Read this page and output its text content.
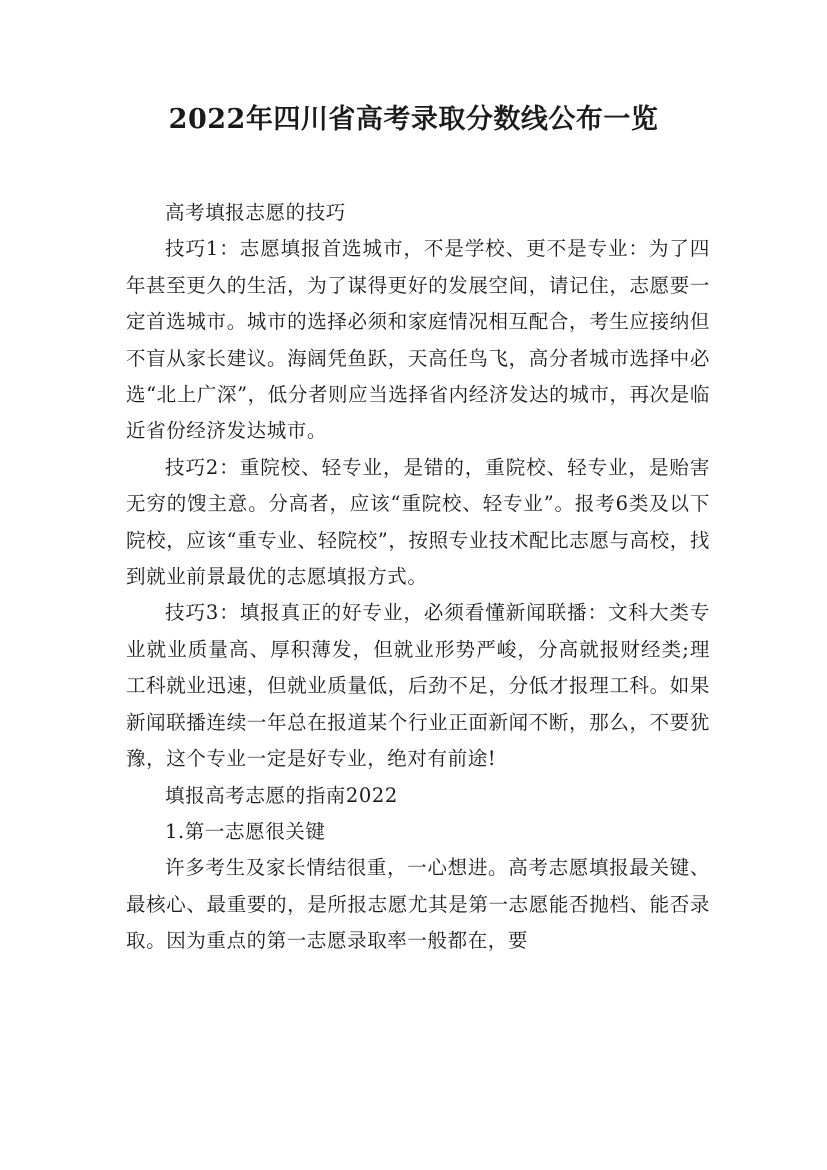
2022年四川省高考录取分数线公布一览

高考填报志愿的技巧

技巧1：志愿填报首选城市，不是学校、更不是专业：为了四年甚至更久的生活，为了谋得更好的发展空间，请记住，志愿要一定首选城市。城市的选择必须和家庭情况相互配合，考生应接纳但不盲从家长建议。海阔凭鱼跃，天高任鸟飞，高分者城市选择中必选“北上广深”，低分者则应当选择省内经济发达的城市，再次是临近省份经济发达城市。

技巧2：重院校、轻专业，是错的，重院校、轻专业，是贻害无穷的馊主意。分高者，应该“重院校、轻专业”。报考6类及以下院校，应该“重专业、轻院校”，按照专业技术配比志愿与高校，找到就业前景最优的志愿填报方式。

技巧3：填报真正的好专业，必须看懂新闻联播：文科大类专业就业质量高、厚积薄发，但就业形势严峻，分高就报财经类;理工科就业迅速，但就业质量低，后劲不足，分低才报理工科。如果新闻联播连续一年总在报道某个行业正面新闻不断，那么，不要犹豫，这个专业一定是好专业，绝对有前途!

填报高考志愿的指南2022

1.第一志愿很关键

许多考生及家长情结很重，一心想进。高考志愿填报最关键、最核心、最重要的，是所报志愿尤其是第一志愿能否抛档、能否录取。因为重点的第一志愿录取率一般都在，要
